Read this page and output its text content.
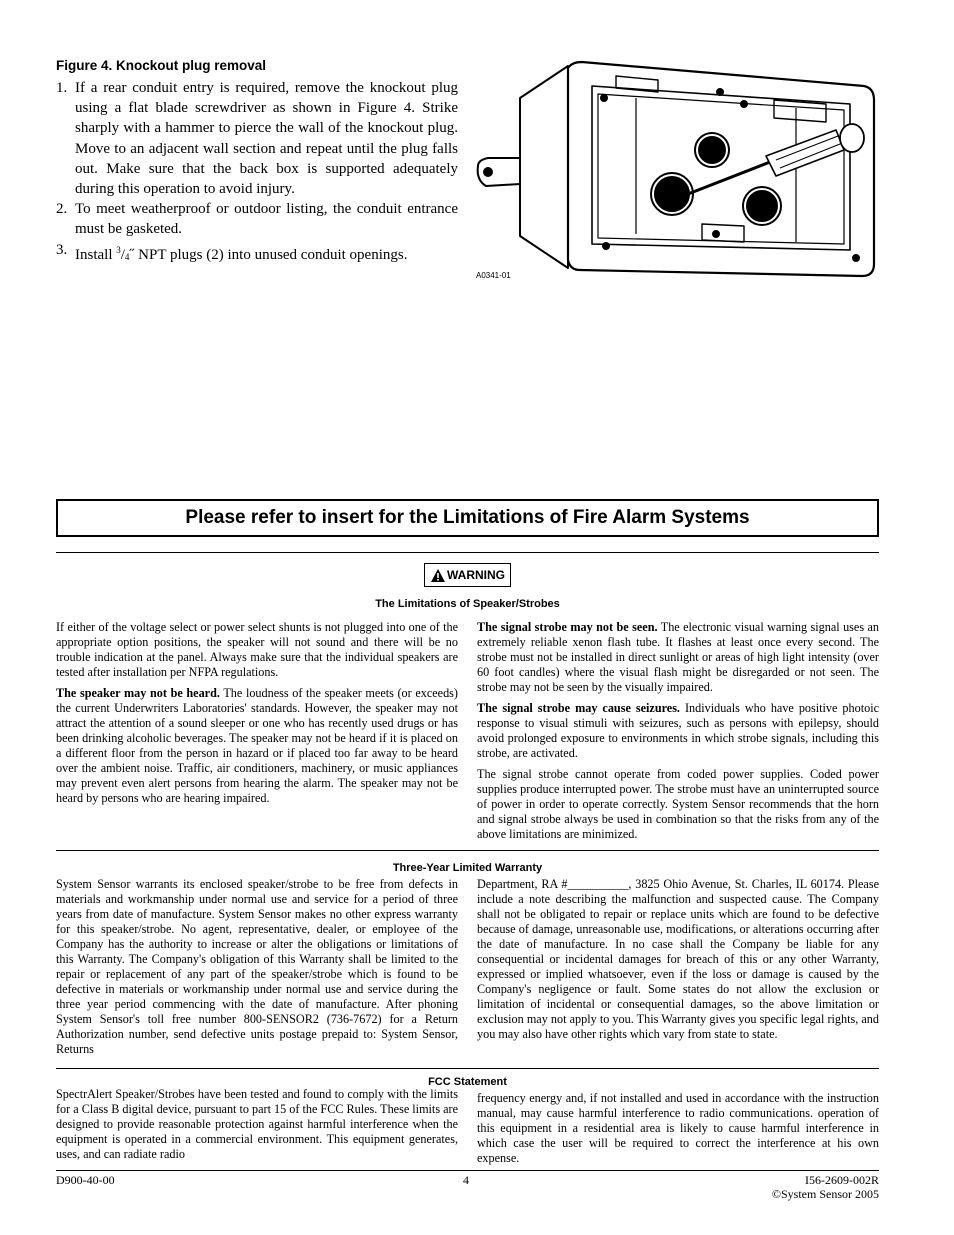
Figure 4. Knockout plug removal
1. If a rear conduit entry is required, remove the knockout plug using a flat blade screwdriver as shown in Figure 4. Strike sharply with a hammer to pierce the wall of the knockout plug. Move to an adjacent wall section and repeat until the plug falls out. Make sure that the back box is supported adequately during this operation to avoid injury.
2. To meet weatherproof or outdoor listing, the conduit entrance must be gasketed.
3. Install $^3/_4˝$ NPT plugs (2) into unused conduit openings.
A0341-01
Please refer to insert for the Limitations of Fire Alarm Systems
WARNING
The Limitations of Speaker/Strobes

If either of the voltage select or power select shunts is not plugged into one of the appropriate option positions, the speaker will not sound and there will be no trouble indication at the panel. Always make sure that the individual speakers are tested after installation per NFPA regulations.

The speaker may not be heard. The loudness of the speaker meets (or exceeds) the current Underwriters Laboratories' standards. However, the speaker may not attract the attention of a sound sleeper or one who has recently used drugs or has been drinking alcoholic beverages. The speaker may not be heard if it is placed on a different floor from the person in hazard or if placed too far away to be heard over the ambient noise. Traffic, air conditioners, machinery, or music appliances may prevent even alert persons from hearing the alarm. The speaker may not be heard by persons who are hearing impaired.

The signal strobe may not be seen. The electronic visual warning signal uses an extremely reliable xenon flash tube. It flashes at least once every second. The strobe must not be installed in direct sunlight or areas of high light intensity (over 60 foot candles) where the visual flash might be disregarded or not seen. The strobe may not be seen by the visually impaired.

The signal strobe may cause seizures. Individuals who have positive photoic response to visual stimuli with seizures, such as persons with epilepsy, should avoid prolonged exposure to environments in which strobe signals, including this strobe, are activated.

The signal strobe cannot operate from coded power supplies. Coded power supplies produce interrupted power. The strobe must have an uninterrupted source of power in order to operate correctly. System Sensor recommends that the horn and signal strobe always be used in combination so that the risks from any of the above limitations are minimized.

Three-Year Limited Warranty

System Sensor warrants its enclosed speaker/strobe to be free from defects in materials and workmanship under normal use and service for a period of three years from date of manufacture. System Sensor makes no other express warranty for this speaker/strobe. No agent, representative, dealer, or employee of the Company has the authority to increase or alter the obligations or limitations of this Warranty. The Company's obligation of this Warranty shall be limited to the repair or replacement of any part of the speaker/strobe which is found to be defective in materials or workmanship under normal use and service during the three year period commencing with the date of manufacture. After phoning System Sensor's toll free number 800-SENSOR2 (736-7672) for a Return Authorization number, send defective units postage prepaid to: System Sensor, Returns

Department, RA #__________, 3825 Ohio Avenue, St. Charles, IL 60174. Please include a note describing the malfunction and suspected cause. The Company shall not be obligated to repair or replace units which are found to be defective because of damage, unreasonable use, modifications, or alterations occurring after the date of manufacture. In no case shall the Company be liable for any consequential or incidental damages for breach of this or any other Warranty, expressed or implied whatsoever, even if the loss or damage is caused by the Company's negligence or fault. Some states do not allow the exclusion or limitation of incidental or consequential damages, so the above limitation or exclusion may not apply to you. This Warranty gives you specific legal rights, and you may also have other rights which vary from state to state.

FCC Statement

SpectrAlert Speaker/Strobes have been tested and found to comply with the limits for a Class B digital device, pursuant to part 15 of the FCC Rules. These limits are designed to provide reasonable protection against harmful interference when the equipment is operated in a commercial environment. This equipment generates, uses, and can radiate radio

frequency energy and, if not installed and used in accordance with the instruction manual, may cause harmful interference to radio communications. operation of this equipment in a residential area is likely to cause harmful interference in which case the user will be required to correct the interference at his own expense.

D900-40-00	4	I56-2609-002R
©System Sensor 2005
